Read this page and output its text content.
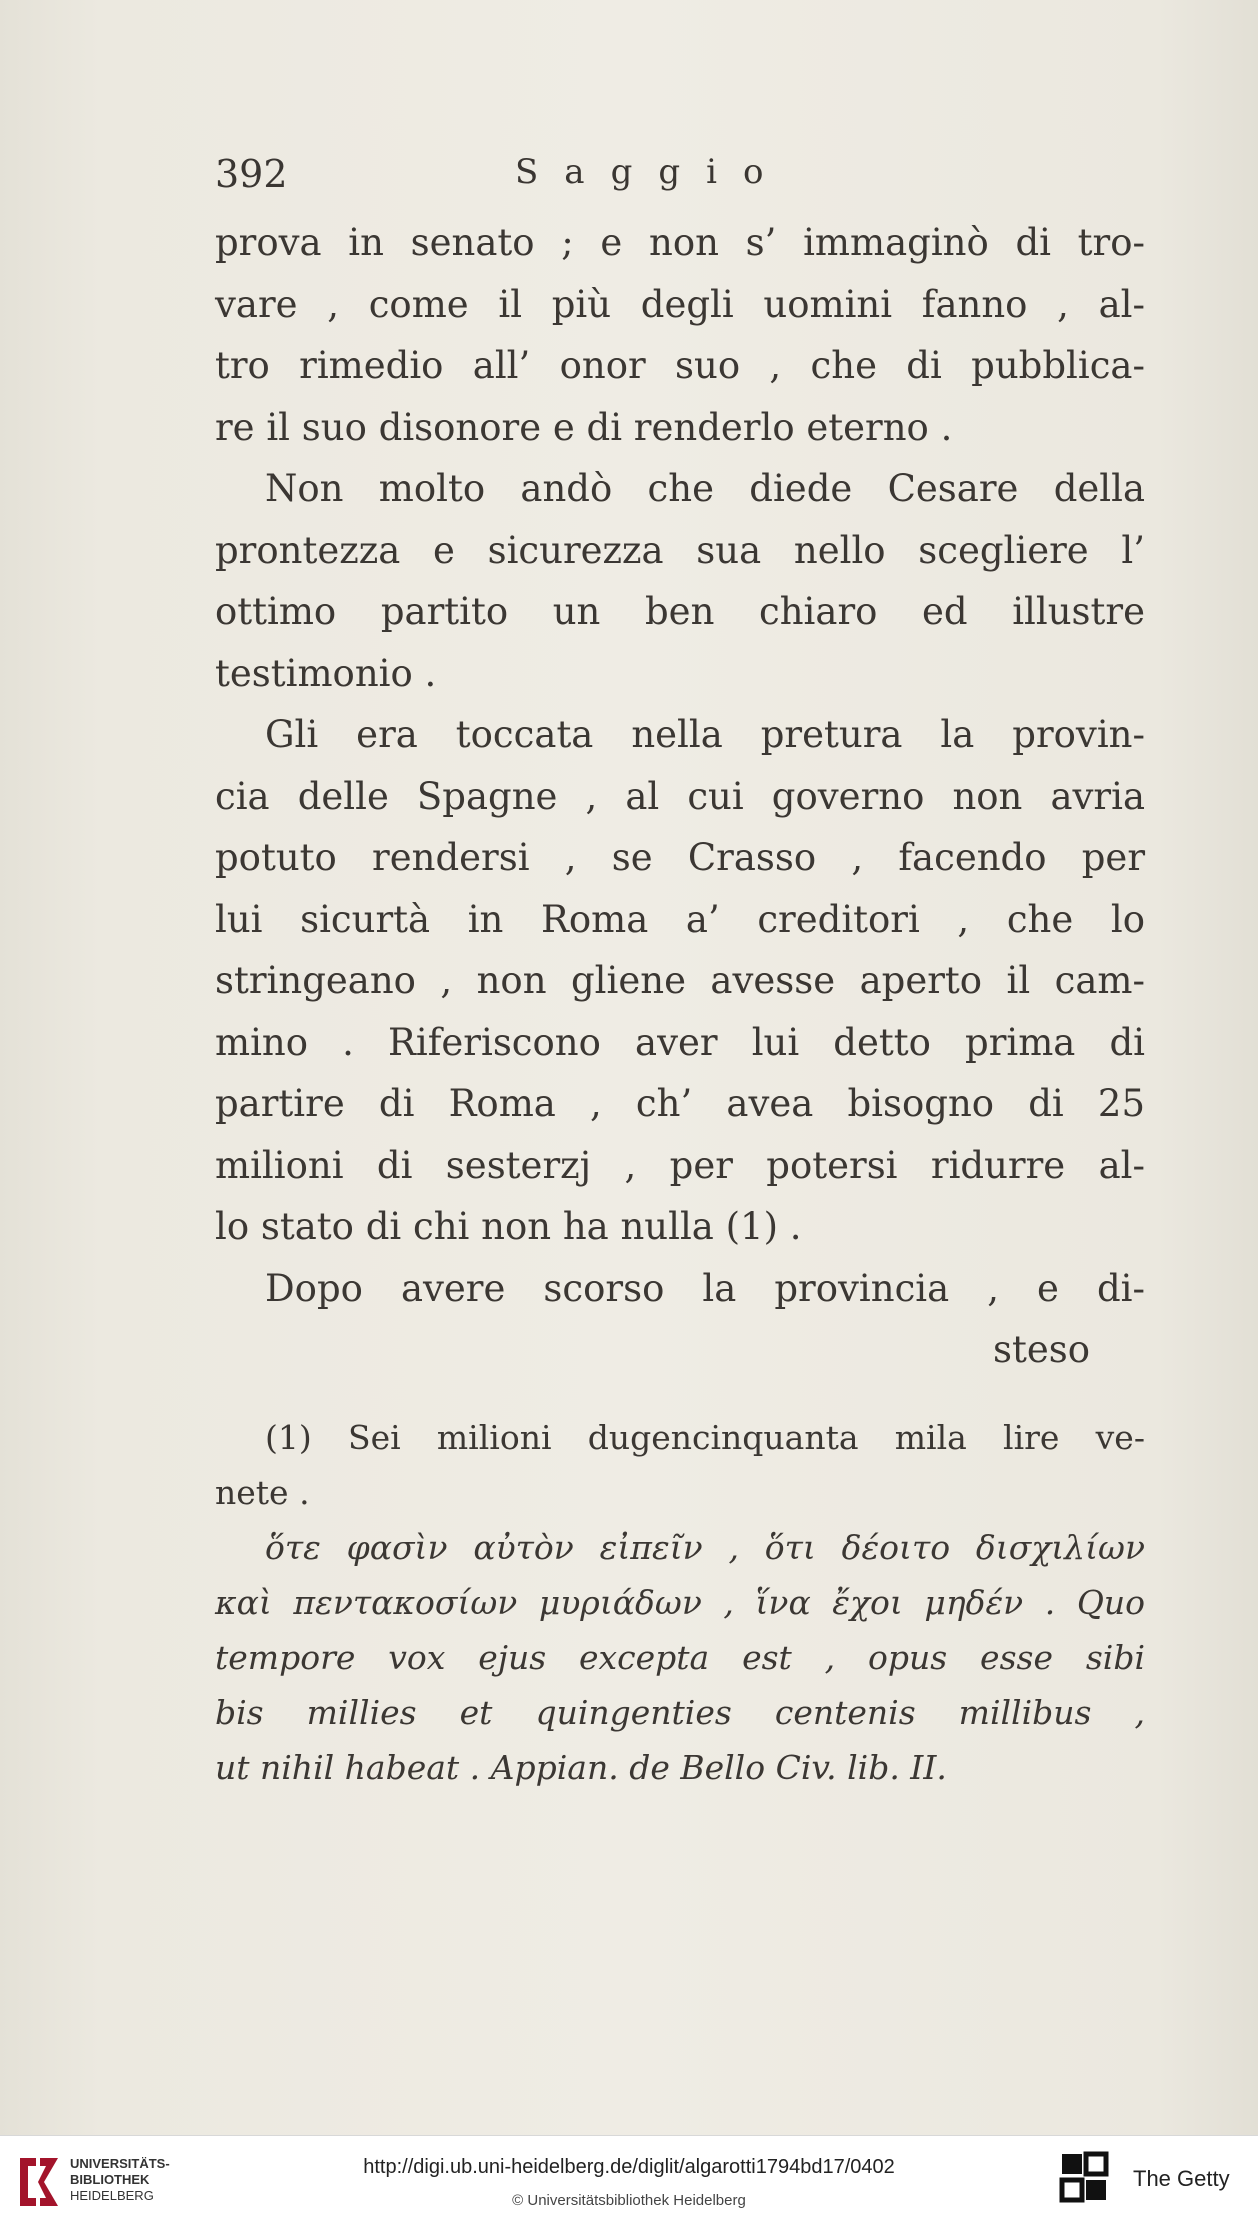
392	Saggio
prova in senato ; e non s’ immaginò di tro-
vare , come il più degli uomini fanno , al-
tro rimedio all’ onor suo , che di pubblica-
re il suo disonore e di renderlo eterno .
Non molto andò che diede Cesare della
prontezza e sicurezza sua nello scegliere l’
ottimo partito un ben chiaro ed illustre
testimonio .
Gli era toccata nella pretura la provin-
cia delle Spagne , al cui governo non avria
potuto rendersi , se Crasso , facendo per
lui sicurtà in Roma a’ creditori , che lo
stringeano , non gliene avesse aperto il cam-
mino . Riferiscono aver lui detto prima di
partire di Roma , ch’ avea bisogno di 25
milioni di sesterzj , per potersi ridurre al-
lo stato di chi non ha nulla (1) .
Dopo avere scorso la provincia , e di-
steso
(1) Sei milioni dugencinquanta mila lire ve-
nete .
ὅτε φασὶν αὐτὸν εἰπεῖν , ὅτι δέοιτο δισχιλίων
καὶ πεντακοσίων μυριάδων , ἵνα ἔχοι μηδέν . Quo
tempore vox ejus excepta est , opus esse sibi
bis millies et quingenties centenis millibus ,
ut nihil habeat . Appian. de Bello Civ. lib. II.
UNIVERSITÄTS-
BIBLIOTHEK
HEIDELBERG
http://digi.ub.uni-heidelberg.de/diglit/algarotti1794bd17/0402
© Universitätsbibliothek Heidelberg
The Getty
